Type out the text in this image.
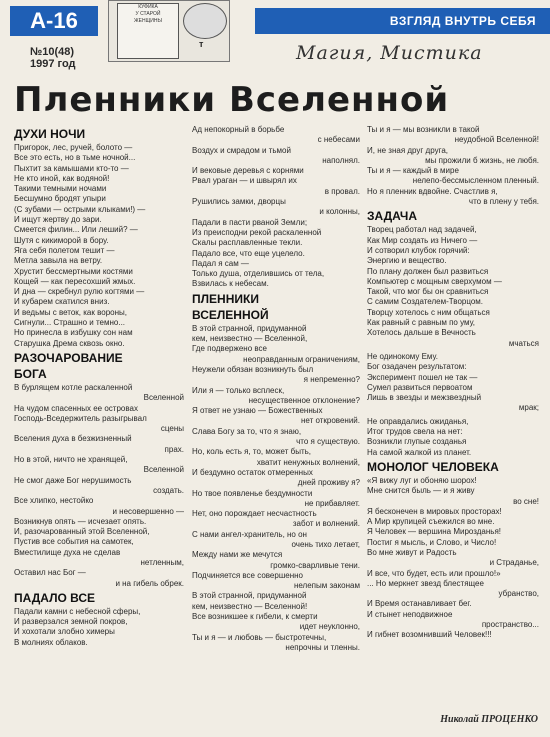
А-16
КУФИКА
У СТАРОЙ
ЖЕНЩИНЫ
т
ВЗГЛЯД ВНУТРЬ СЕБЯ
№10(48)
1997 год	Магия, Мистика
Пленники Вселенной
ДУХИ НОЧИ
Пригорок, лес, ручей, болото —
Все это есть, но в тьме ночной...
Пыхтит за камышами кто-то —
Не кто иной, как водяной!
Такими темными ночами
Бесшумно бродят упыри
(С зубами — острыми клыками!) —
И ищут жертву до зари.
Смеется филин... Или леший? —
Шутя с кикиморой в бору.
Яга себя полетом тешит —
Метла завыла на ветру.
Хрустит бессмертными костями
Кощей — как пересохший жмых.
И дна — скребнул рулю когтями —
И кубарем скатился вниз.
И ведьмы с веток, как вороны,
Сигнули... Страшно и темно...
Но принесла в избушку сон нам
Старушка Дрема сквозь окно.
РАЗОЧАРОВАНИЕ
БОГА
В бурлящем котле раскаленной
Вселенной
На чудом спасенных ее островах
Господь-Вседержитель разыгрывал
сцены
Вселения духа в безжизненный
прах.
Но в этой, ничто не хранящей,
Вселенной
Не смог даже Бог нерушимость
создать.
Все хлипко, нестойко
и несовершенно —
Возникнув опять — исчезает опять.
И, разочарованный этой Вселенной,
Пустив все события на самотек,
Вместилище духа не сделав
нетленным,
Оставил нас Бог —
и на гибель обрек.
ПАДАЛО ВСЕ
Падали камни с небесной сферы,
И разверзался земной покров,
И хохотали злобно химеры
В молниях облаков.
Ад непокорный в борьбе
с небесами
Воздух и смрадом и тьмой
наполнял.
И вековые деревья с корнями
Рвал ураган — и швырял их
в провал.
Рушились замки, дворцы
и колонны,
Падали в пасти рваной Земли;
Из преисподни рекой раскаленной
Скалы расплавленные текли.
Падало все, что еще уцелело.
Падал я сам —
Только душа, отделившись от тела,
Взвилась к небесам.
ПЛЕННИКИ
ВСЕЛЕННОЙ
В этой странной, придуманной
кем, неизвестно — Вселенной,
Где подвержено все
неоправданным ограничениям,
Неужели обязан возникнуть был
я непременно?
Или я — только всплеск,
несущественное отклонение?
Я ответ не узнаю — Божественных
нет откровений.
Слава Богу за то, что я знаю,
что я существую.
Но, коль есть я, то, может быть,
хватит ненужных волнений,
И бездумно остаток отмеренных
дней проживу я?
Но твое появленье бездумности
не прибавляет.
Нет, оно порождает несчастность
забот и волнений.
С нами ангел-хранитель, но он
очень тихо летает,
Между нами же мечутся
громко-сварливые тени.
Подчиняется все совершенно
нелепым законам
В этой странной, придуманной
кем, неизвестно — Вселенной!
Все возникшее к гибели, к смерти
идет неуклонно,
Ты и я — и любовь — быстротечны,
непрочны и тленны.
Ты и я — мы возникли в такой
неудобной Вселенной!
И, не зная друг друга,
мы прожили б жизнь, не любя.
Ты и я — каждый в мире
нелепо-бессмысленном пленный.
Но я пленник вдвойне. Счастлив я,
что в плену у тебя.
ЗАДАЧА
Творец работал над задачей,
Как Мир создать из Ничего —
И сотворил клубок горячий:
Энергию и вещество.
По плану должен был развиться
Компьютер с мощным сверхумом —
Такой, что мог бы он сравниться
С самим Создателем-Творцом.
Творцу хотелось с ним общаться
Как равный с равным по уму,
Хотелось дальше в Вечность
мчаться
Не одинокому Ему.
Бог озадачен результатом:
Эксперимент пошел не так —
Сумел развиться первоатом
Лишь в звезды и межзвездный
мрак;
Не оправдались ожиданья,
Итог трудов свела на нет:
Возникли глупые созданья
На самой жалкой из планет.
МОНОЛОГ ЧЕЛОВЕКА
«Я вижу луг и обоняю шорох!
Мне снится быль — и я живу
во сне!
Я бесконечен в мировых просторах!
А Мир крупицей съежился во мне.
Я Человек — вершина Мирозданья!
Постиг я мысль, и Слово, и Число!
Во мне живут и Радость
и Страданье,
И все, что будет, есть или прошло!»
... Но меркнет звезд блестящее
убранство,
И Время останавливает бег.
И стынет неподвижное
пространство...
И гибнет возомнивший Человек!!!
Николай ПРОЦЕНКО
